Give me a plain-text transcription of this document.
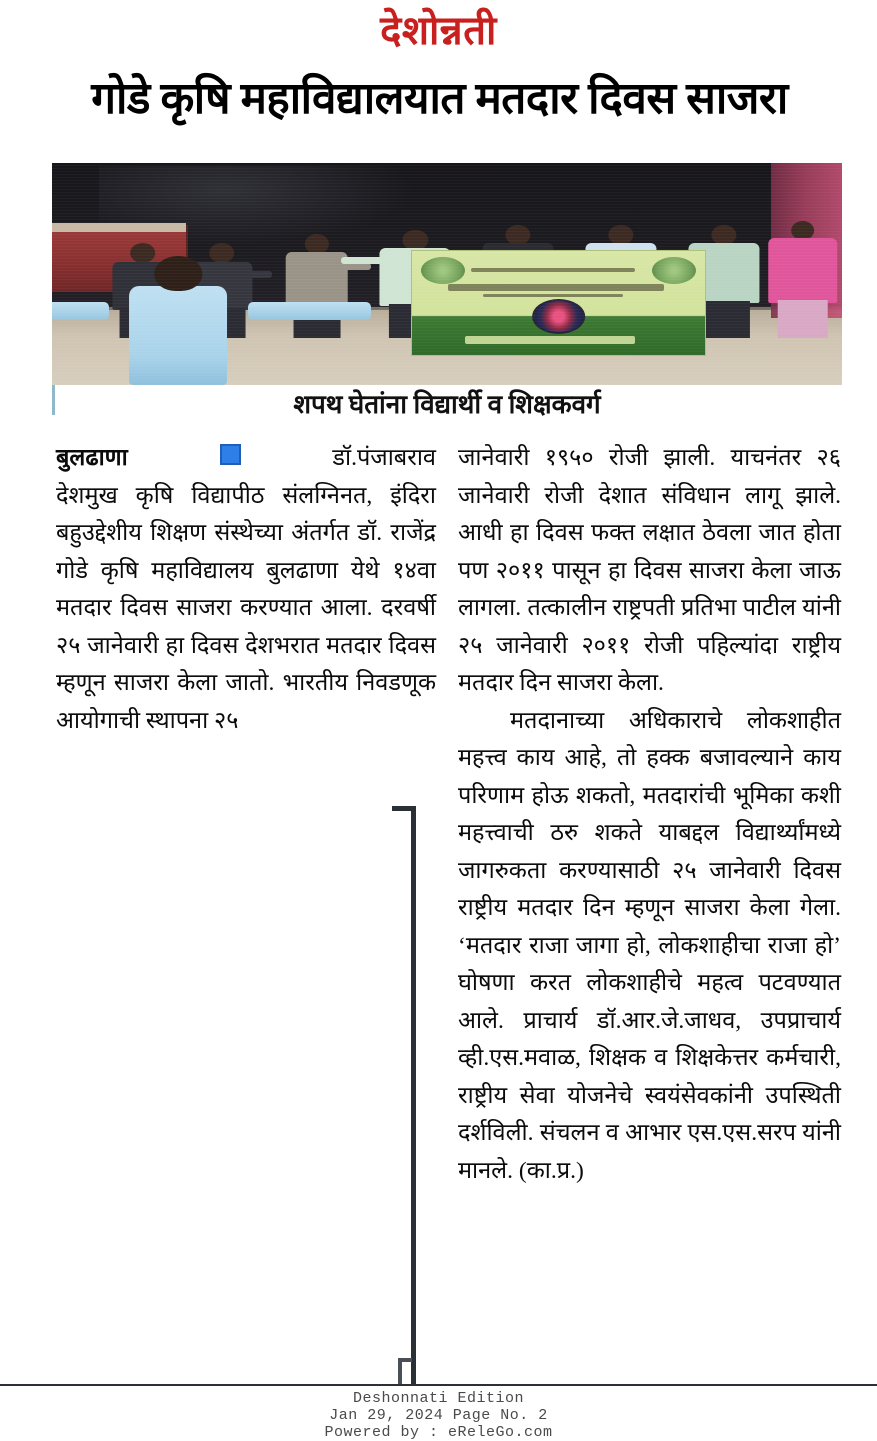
देशोन्नती
गोडे कृषि महाविद्यालयात मतदार दिवस साजरा
शपथ घेतांना विद्यार्थी व शिक्षकवर्ग

बुलढाणा	डॉ.पंजाबराव
देशमुख कृषि विद्यापीठ संलग्निनत, इंदिरा बहुउद्देशीय शिक्षण संस्थेच्या अंतर्गत डॉ. राजेंद्र गोडे कृषि महाविद्यालय बुलढाणा येथे १४वा मतदार दिवस साजरा करण्यात आला. दरवर्षी २५ जानेवारी हा दिवस देशभरात मतदार दिवस म्हणून साजरा केला जातो. भारतीय निवडणूक आयोगाची स्थापना २५

जानेवारी १९५० रोजी झाली. याचनंतर २६ जानेवारी रोजी देशात संविधान लागू झाले. आधी हा दिवस फक्त लक्षात ठेवला जात होता पण २०११ पासून हा दिवस साजरा केला जाऊ लागला. तत्कालीन राष्ट्रपती प्रतिभा पाटील यांनी २५ जानेवारी २०११ रोजी पहिल्यांदा राष्ट्रीय मतदार दिन साजरा केला.

मतदानाच्या अधिकाराचे लोकशाहीत महत्त्व काय आहे, तो हक्क बजावल्याने काय परिणाम होऊ शकतो, मतदारांची भूमिका कशी महत्त्वाची ठरु शकते याबद्दल विद्यार्थ्यांमध्ये जागरुकता करण्यासाठी २५ जानेवारी दिवस राष्ट्रीय मतदार दिन म्हणून साजरा केला गेला. ‘मतदार राजा जागा हो, लोकशाहीचा राजा हो’ घोषणा करत लोकशाहीचे महत्व पटवण्यात आले. प्राचार्य डॉ.आर.जे.जाधव, उपप्राचार्य व्ही.एस.मवाळ, शिक्षक व शिक्षकेत्तर कर्मचारी, राष्ट्रीय सेवा योजनेचे स्वयंसेवकांनी उपस्थिती दर्शविली. संचलन व आभार एस.एस.सरप यांनी मानले. (का.प्र.)

Deshonnati Edition
Jan 29, 2024 Page No. 2
Powered by : eReleGo.com
